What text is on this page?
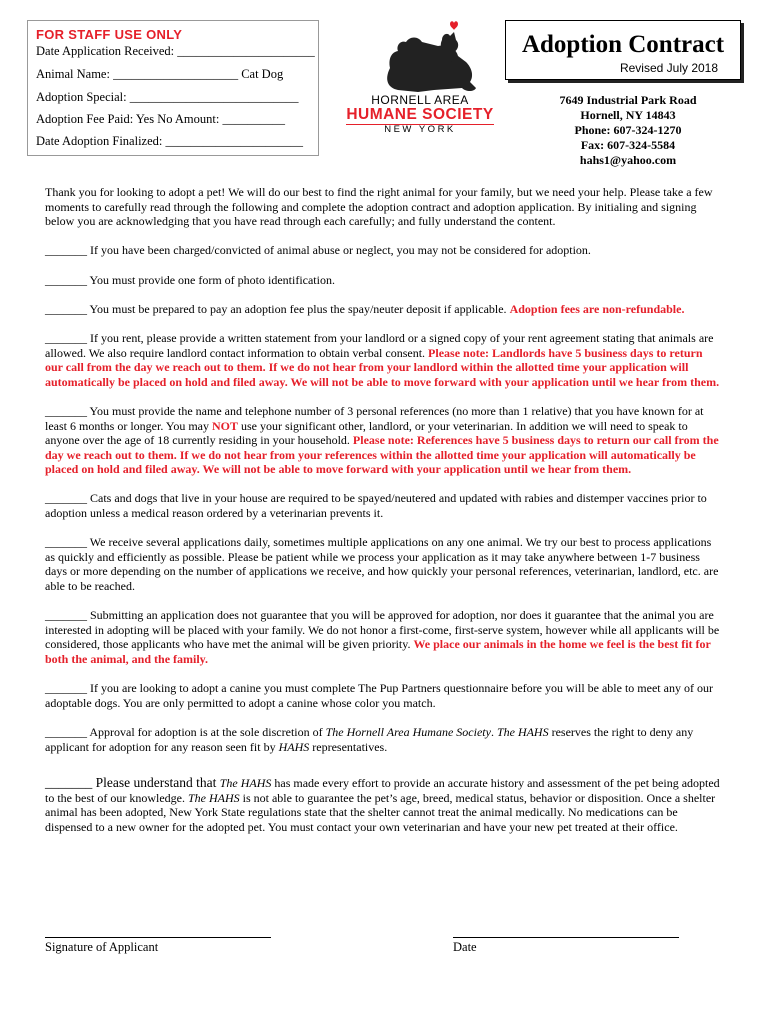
FOR STAFF USE ONLY
Date Application Received: ______________________
Animal Name: ____________________ Cat Dog
Adoption Special: ___________________________
Adoption Fee Paid: Yes No Amount: __________
Date Adoption Finalized: ______________________
HORNELL AREA
HUMANE SOCIETY
NEW YORK
Adoption Contract
Revised July 2018
7649 Industrial Park Road
Hornell, NY 14843
Phone: 607-324-1270
Fax: 607-324-5584
hahs1@yahoo.com

Thank you for looking to adopt a pet! We will do our best to find the right animal for your family, but we need your help. Please take a few moments to carefully read through the following and complete the adoption contract and adoption application. By initialing and signing below you are acknowledging that you have read through each carefully; and fully understand the content.

_______ If you have been charged/convicted of animal abuse or neglect, you may not be considered for adoption.

_______ You must provide one form of photo identification.

_______ You must be prepared to pay an adoption fee plus the spay/neuter deposit if applicable. Adoption fees are non-refundable.

_______ If you rent, please provide a written statement from your landlord or a signed copy of your rent agreement stating that animals are allowed. We also require landlord contact information to obtain verbal consent. Please note: Landlords have 5 business days to return our call from the day we reach out to them. If we do not hear from your landlord within the allotted time your application will automatically be placed on hold and filed away. We will not be able to move forward with your application until we hear from them.

_______ You must provide the name and telephone number of 3 personal references (no more than 1 relative) that you have known for at least 6 months or longer. You may NOT use your significant other, landlord, or your veterinarian. In addition we will need to speak to anyone over the age of 18 currently residing in your household. Please note: References have 5 business days to return our call from the day we reach out to them. If we do not hear from your references within the allotted time your application will automatically be placed on hold and filed away. We will not be able to move forward with your application until we hear from them.

_______ Cats and dogs that live in your house are required to be spayed/neutered and updated with rabies and distemper vaccines prior to adoption unless a medical reason ordered by a veterinarian prevents it.

_______ We receive several applications daily, sometimes multiple applications on any one animal. We try our best to process applications as quickly and efficiently as possible. Please be patient while we process your application as it may take anywhere between 1-7 business days or more depending on the number of applications we receive, and how quickly your personal references, veterinarian, landlord, etc. are able to be reached.

_______ Submitting an application does not guarantee that you will be approved for adoption, nor does it guarantee that the animal you are interested in adopting will be placed with your family. We do not honor a first-come, first-serve system, however while all applicants will be considered, those applicants who have met the animal will be given priority. We place our animals in the home we feel is the best fit for both the animal, and the family.

_______ If you are looking to adopt a canine you must complete The Pup Partners questionnaire before you will be able to meet any of our adoptable dogs. You are only permitted to adopt a canine whose color you match.

_______ Approval for adoption is at the sole discretion of The Hornell Area Humane Society. The HAHS reserves the right to deny any applicant for adoption for any reason seen fit by HAHS representatives.

_______ Please understand that The HAHS has made every effort to provide an accurate history and assessment of the pet being adopted to the best of our knowledge. The HAHS is not able to guarantee the pet’s age, breed, medical status, behavior or disposition. Once a shelter animal has been adopted, New York State regulations state that the shelter cannot treat the animal medically. No medications can be dispensed to a new owner for the adopted pet. You must contact your own veterinarian and have your new pet treated at their office.

Signature of Applicant	Date
